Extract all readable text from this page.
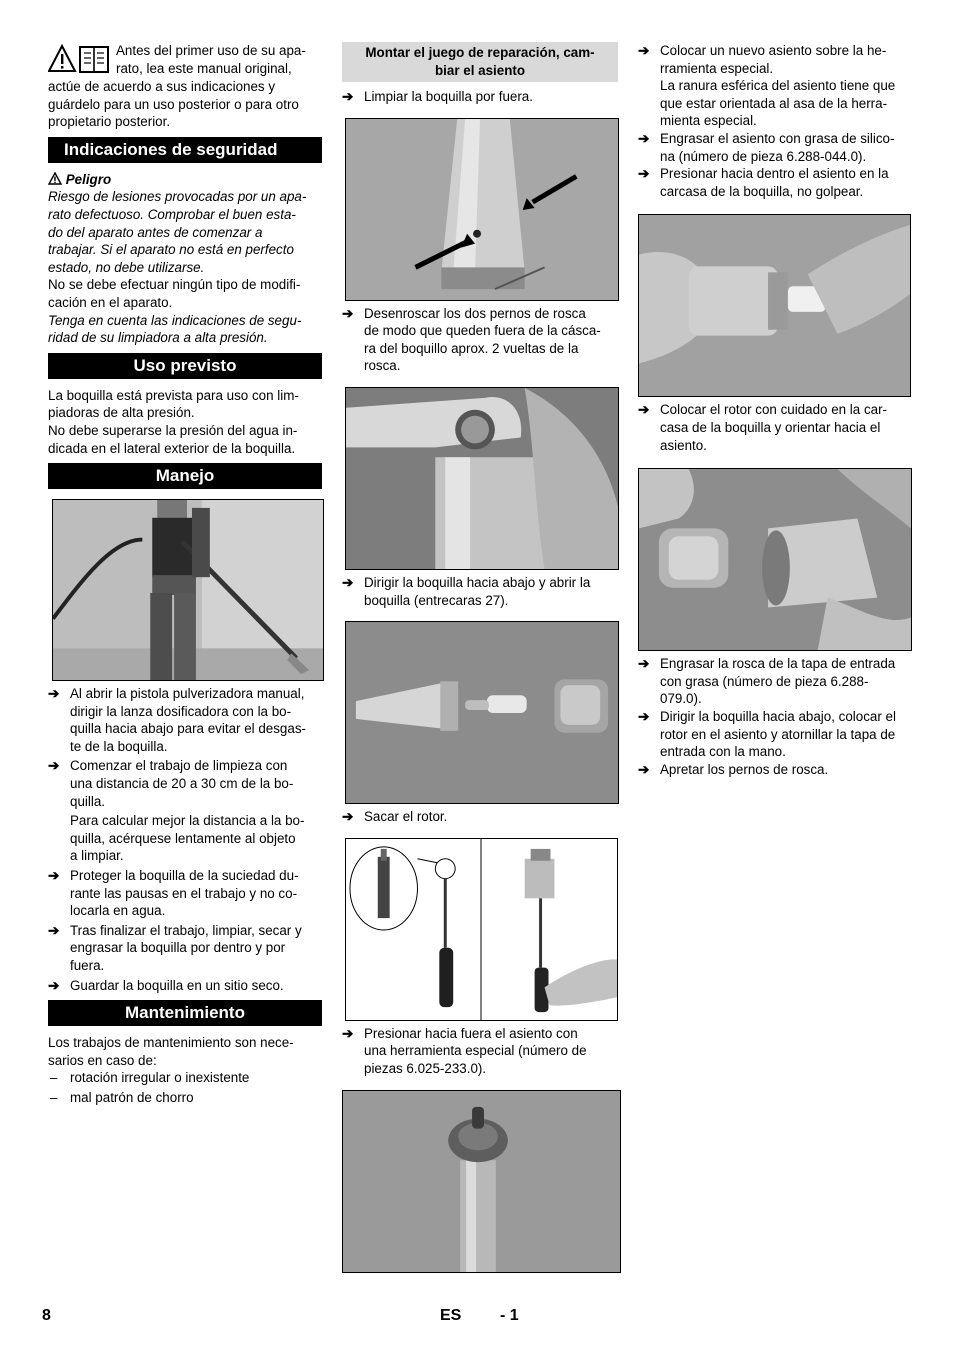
Antes del primer uso de su apa-

rato, lea este manual original,

actúe de acuerdo a sus indicaciones y

guárdelo para un uso posterior o para otro

propietario posterior.

Indicaciones de seguridad

Peligro

Riesgo de lesiones provocadas por un apa-

rato defectuoso. Comprobar el buen esta-

do del aparato antes de comenzar a

trabajar. Si el aparato no está en perfecto

estado, no debe utilizarse.

No se debe efectuar ningún tipo de modifi-

cación en el aparato.

Tenga en cuenta las indicaciones de segu-

ridad de su limpiadora a alta presión.

Uso previsto

La boquilla está prevista para uso con lim-

piadoras de alta presión.

No debe superarse la presión del agua in-

dicada en el lateral exterior de la boquilla.

Manejo
➔ Al abrir la pistola pulverizadora manual,

dirigir la lanza dosificadora con la bo-

quilla hacia abajo para evitar el desgas-

te de la boquilla.

➔ Comenzar el trabajo de limpieza con

una distancia de 20 a 30 cm de la bo-

quilla.

Para calcular mejor la distancia a la bo-

quilla, acérquese lentamente al objeto

a limpiar.

➔ Proteger la boquilla de la suciedad du-

rante las pausas en el trabajo y no co-

locarla en agua.

➔ Tras finalizar el trabajo, limpiar, secar y

engrasar la boquilla por dentro y por

fuera.

➔ Guardar la boquilla en un sitio seco.

Mantenimiento

Los trabajos de mantenimiento son nece-

sarios en caso de:

– rotación irregular o inexistente

– mal patrón de chorro

Montar el juego de reparación, cam-

biar el asiento

➔ Limpiar la boquilla por fuera.

➔ Desenroscar los dos pernos de rosca

de modo que queden fuera de la cásca-

ra del boquillo aprox. 2 vueltas de la

rosca.

➔ Dirigir la boquilla hacia abajo y abrir la

boquilla (entrecaras 27).

➔ Sacar el rotor.

➔ Presionar hacia fuera el asiento con

una herramienta especial (número de

piezas 6.025-233.0).

➔ Colocar un nuevo asiento sobre la he-

rramienta especial.

La ranura esférica del asiento tiene que

que estar orientada al asa de la herra-

mienta especial.

➔ Engrasar el asiento con grasa de silico-

na (número de pieza 6.288-044.0).

➔ Presionar hacia dentro el asiento en la

carcasa de la boquilla, no golpear.

➔ Colocar el rotor con cuidado en la car-

casa de la boquilla y orientar hacia el

asiento.

➔ Engrasar la rosca de la tapa de entrada

con grasa (número de pieza 6.288-

079.0).

➔ Dirigir la boquilla hacia abajo, colocar el

rotor en el asiento y atornillar la tapa de

entrada con la mano.

➔ Apretar los pernos de rosca.

8	ES - 1
